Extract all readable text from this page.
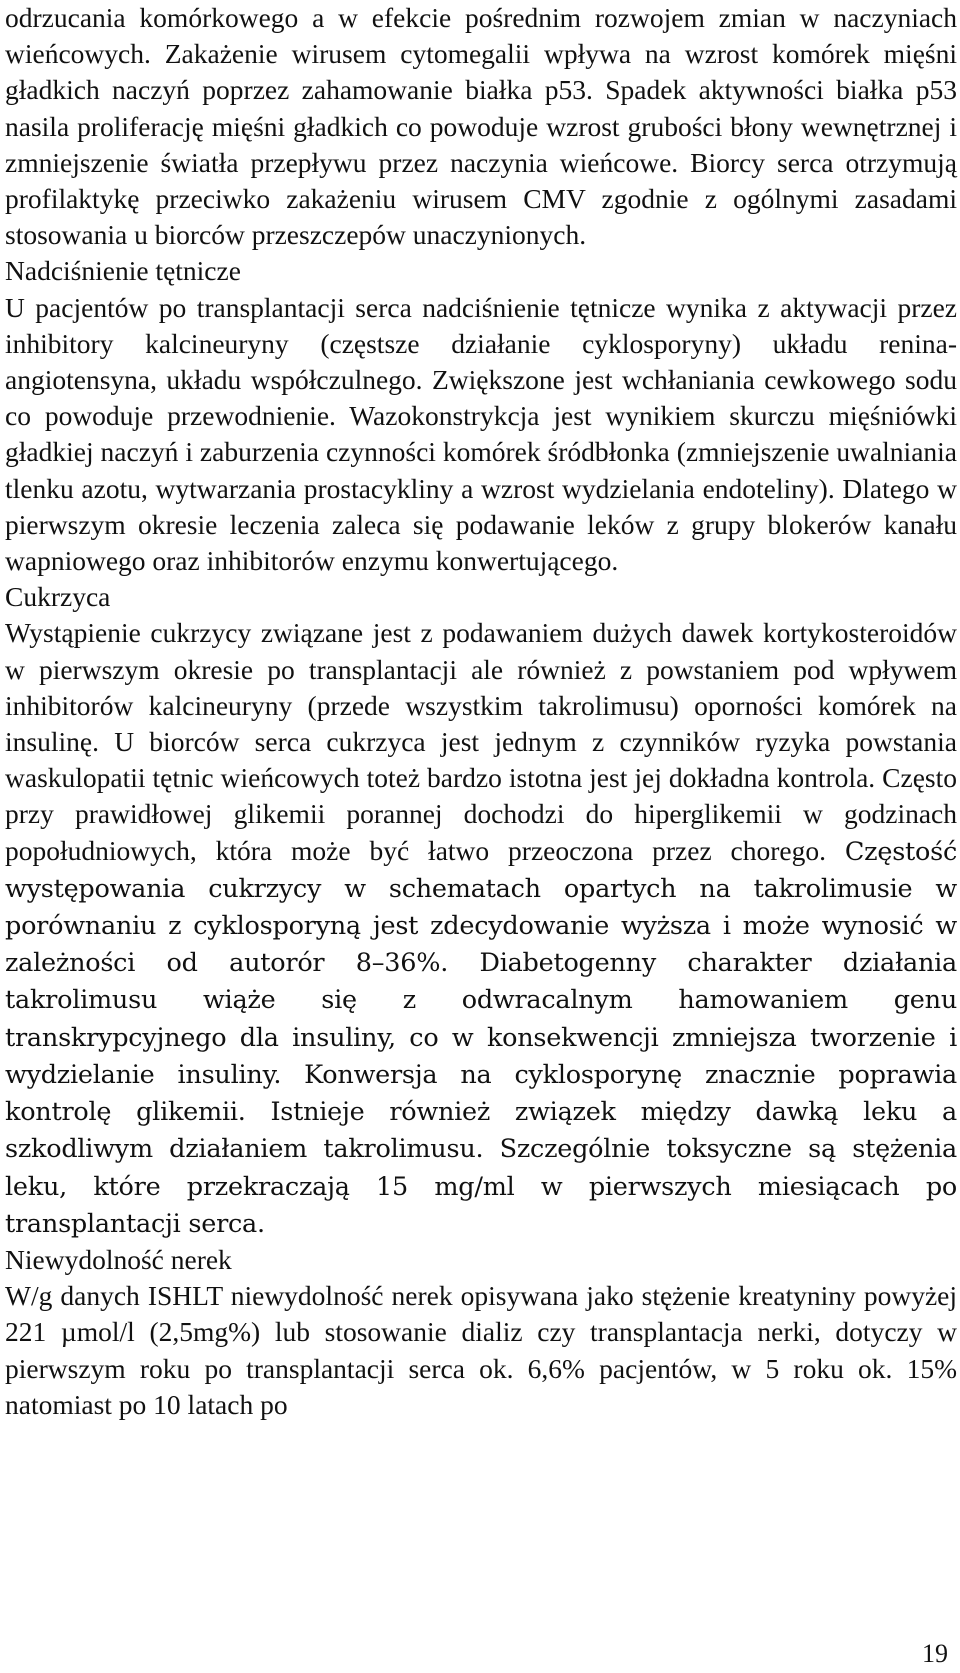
odrzucania komórkowego a w efekcie pośrednim rozwojem zmian w naczyniach wieńcowych. Zakażenie wirusem cytomegalii wpływa na wzrost komórek mięśni gładkich naczyń poprzez zahamowanie białka p53. Spadek aktywności białka p53 nasila proliferację mięśni gładkich co powoduje wzrost grubości błony wewnętrznej i zmniejszenie światła przepływu przez naczynia wieńcowe. Biorcy serca otrzymują profilaktykę przeciwko zakażeniu wirusem CMV zgodnie z ogólnymi zasadami stosowania u biorców przeszczepów unaczynionych.

Nadciśnienie tętnicze

U pacjentów po transplantacji serca nadciśnienie tętnicze wynika z aktywacji przez inhibitory kalcineuryny (częstsze działanie cyklosporyny) układu renina-angiotensyna, układu współczulnego. Zwiększone jest wchłaniania cewkowego sodu co powoduje przewodnienie. Wazokonstrykcja jest wynikiem skurczu mięśniówki gładkiej naczyń i zaburzenia czynności komórek śródbłonka (zmniejszenie uwalniania tlenku azotu, wytwarzania prostacykliny a wzrost wydzielania endoteliny). Dlatego w pierwszym okresie leczenia zaleca się podawanie leków z grupy blokerów kanału wapniowego oraz inhibitorów enzymu konwertującego.

Cukrzyca

Wystąpienie cukrzycy związane jest z podawaniem dużych dawek kortykosteroidów w pierwszym okresie po transplantacji ale również z powstaniem pod wpływem inhibitorów kalcineuryny (przede wszystkim takrolimusu) oporności komórek na insulinę. U biorców serca cukrzyca jest jednym z czynników ryzyka powstania waskulopatii tętnic wieńcowych toteż bardzo istotna jest jej dokładna kontrola. Często przy prawidłowej glikemii porannej dochodzi do hiperglikemii w godzinach popołudniowych, która może być łatwo przeoczona przez chorego. Częstość występowania cukrzycy w schematach opartych na takrolimusie w porównaniu z cyklosporyną jest zdecydowanie wyższa i może wynosić w zależności od autorór 8–36%. Diabetogenny charakter działania takrolimusu wiąże się z odwracalnym hamowaniem genu transkrypcyjnego dla insuliny, co w konsekwencji zmniejsza tworzenie i wydzielanie insuliny. Konwersja na cyklosporynę znacznie poprawia kontrolę glikemii. Istnieje również związek między dawką leku a szkodliwym działaniem takrolimusu. Szczególnie toksyczne są stężenia leku, które przekraczają 15 mg/ml w pierwszych miesiącach po transplantacji serca.

Niewydolność nerek

W/g danych ISHLT niewydolność nerek opisywana jako stężenie kreatyniny powyżej 221 µmol/l (2,5mg%) lub stosowanie dializ czy transplantacja nerki, dotyczy w pierwszym roku po transplantacji serca ok. 6,6% pacjentów, w 5 roku ok. 15% natomiast po 10 latach po

19
